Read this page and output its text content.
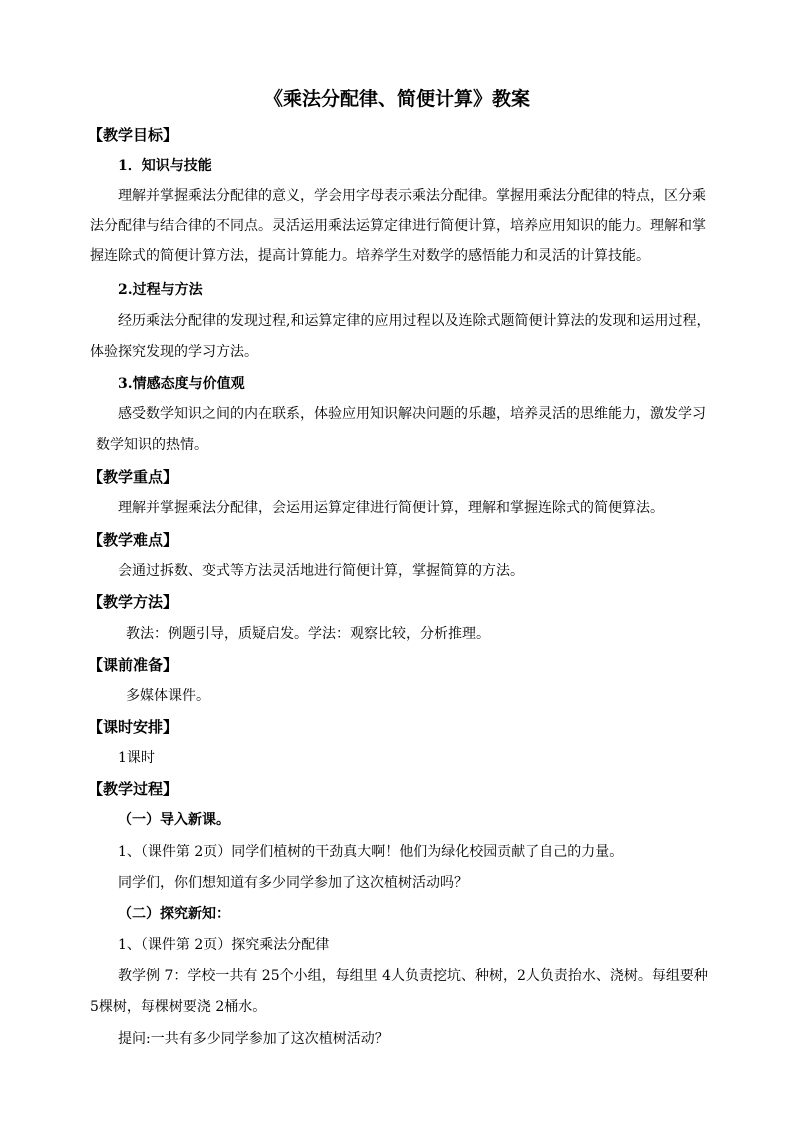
《乘法分配律、简便计算》教案
【教学目标】
1．知识与技能
理解并掌握乘法分配律的意义，学会用字母表示乘法分配律。掌握用乘法分配律的特点，区分乘
法分配律与结合律的不同点。灵活运用乘法运算定律进行简便计算，培养应用知识的能力。理解和掌
握连除式的简便计算方法，提高计算能力。培养学生对数学的感悟能力和灵活的计算技能。
2.过程与方法
经历乘法分配律的发现过程,和运算定律的应用过程以及连除式题简便计算法的发现和运用过程，
体验探究发现的学习方法。
3.情感态度与价值观
感受数学知识之间的内在联系，体验应用知识解决问题的乐趣，培养灵活的思维能力，激发学习
数学知识的热情。
【教学重点】
理解并掌握乘法分配律，会运用运算定律进行简便计算，理解和掌握连除式的简便算法。
【教学难点】
会通过拆数、变式等方法灵活地进行简便计算，掌握简算的方法。
【教学方法】
教法：例题引导，质疑启发。学法：观察比较，分析推理。
【课前准备】
多媒体课件。
【课时安排】
1课时
【教学过程】
（一）导入新课。
1、（课件第 2页）同学们植树的干劲真大啊！他们为绿化校园贡献了自己的力量。
同学们，你们想知道有多少同学参加了这次植树活动吗？
（二）探究新知：
1、（课件第 2页）探究乘法分配律
教学例 7：学校一共有 25个小组，每组里 4人负责挖坑、种树，2人负责抬水、浇树。每组要种
5棵树，每棵树要浇 2桶水。
提问:一共有多少同学参加了这次植树活动？
